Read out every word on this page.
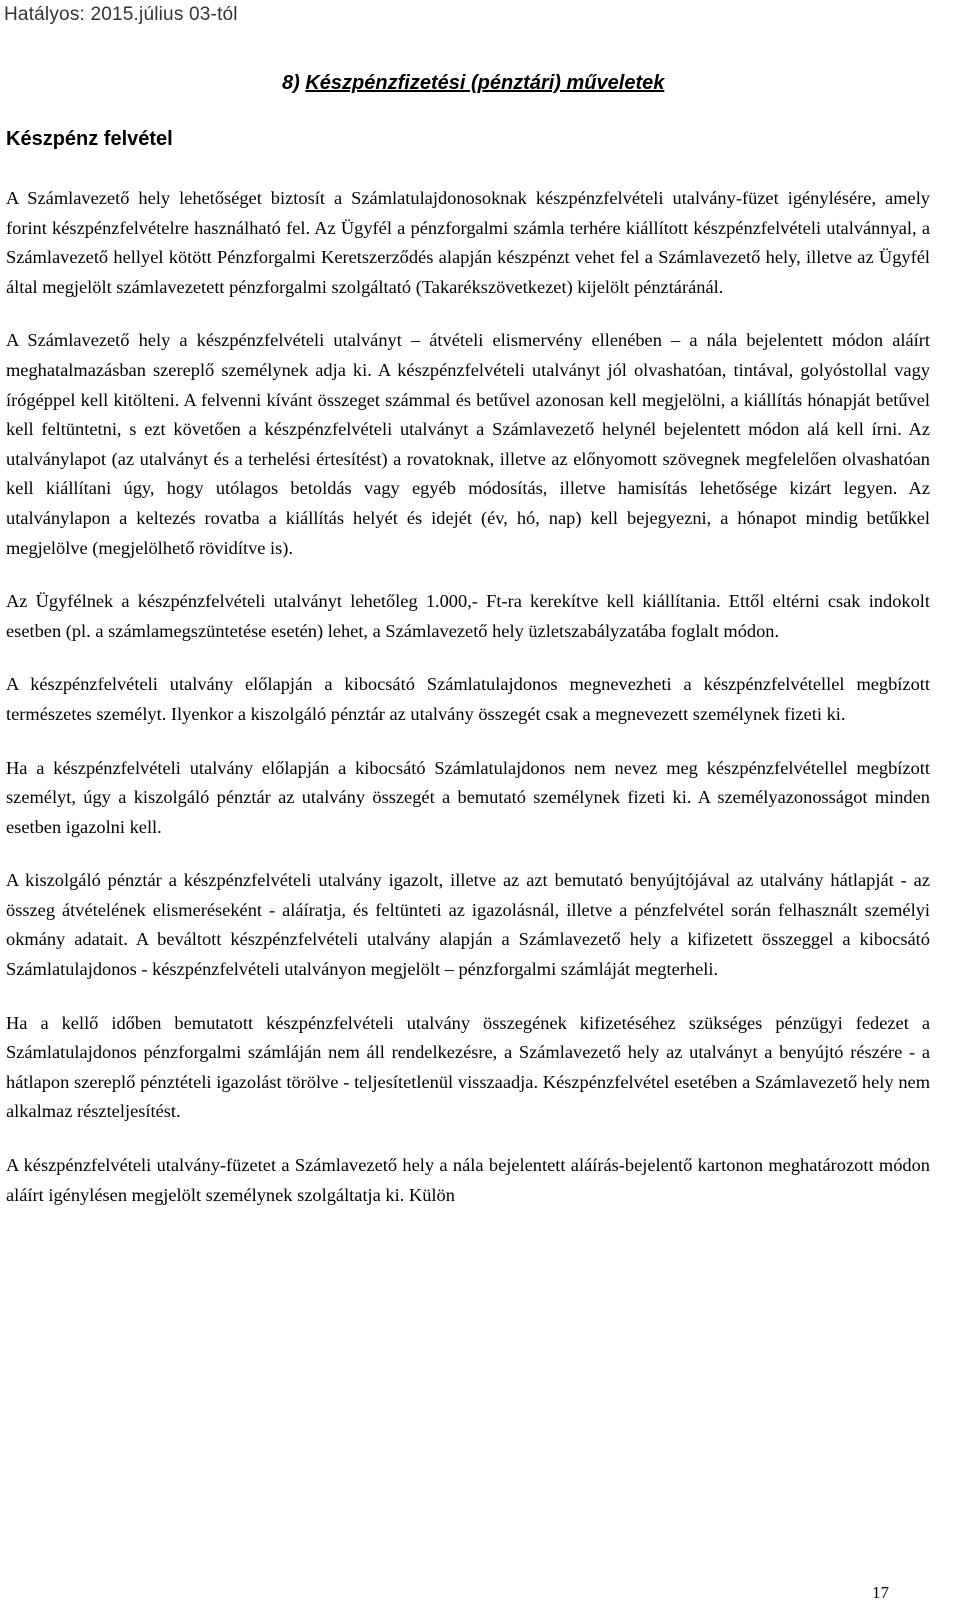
Hatályos: 2015.július 03-tól
8) Készpénzfizetési (pénztári) műveletek
Készpénz felvétel

A Számlavezető hely lehetőséget biztosít a Számlatulajdonosoknak készpénzfelvételi utalvány-füzet igénylésére, amely forint készpénzfelvételre használható fel. Az Ügyfél a pénzforgalmi számla terhére kiállított készpénzfelvételi utalvánnyal, a Számlavezető hellyel kötött Pénzforgalmi Keretszerződés alapján készpénzt vehet fel a Számlavezető hely, illetve az Ügyfél által megjelölt számlavezetett pénzforgalmi szolgáltató (Takarékszövetkezet) kijelölt pénztáránál.

A Számlavezető hely a készpénzfelvételi utalványt – átvételi elismervény ellenében – a nála bejelentett módon aláírt meghatalmazásban szereplő személynek adja ki. A készpénzfelvételi utalványt jól olvashatóan, tintával, golyóstollal vagy írógéppel kell kitölteni. A felvenni kívánt összeget számmal és betűvel azonosan kell megjelölni, a kiállítás hónapját betűvel kell feltüntetni, s ezt követően a készpénzfelvételi utalványt a Számlavezető helynél bejelentett módon alá kell írni. Az utalványlapot (az utalványt és a terhelési értesítést) a rovatoknak, illetve az előnyomott szövegnek megfelelően olvashatóan kell kiállítani úgy, hogy utólagos betoldás vagy egyéb módosítás, illetve hamisítás lehetősége kizárt legyen. Az utalványlapon a keltezés rovatba a kiállítás helyét és idejét (év, hó, nap) kell bejegyezni, a hónapot mindig betűkkel megjelölve (megjelölhető rövidítve is).

Az Ügyfélnek a készpénzfelvételi utalványt lehetőleg 1.000,- Ft-ra kerekítve kell kiállítania. Ettől eltérni csak indokolt esetben (pl. a számlamegszüntetése esetén) lehet, a Számlavezető hely üzletszabályzatába foglalt módon.

A készpénzfelvételi utalvány előlapján a kibocsátó Számlatulajdonos megnevezheti a készpénzfelvétellel megbízott természetes személyt. Ilyenkor a kiszolgáló pénztár az utalvány összegét csak a megnevezett személynek fizeti ki.

Ha a készpénzfelvételi utalvány előlapján a kibocsátó Számlatulajdonos nem nevez meg készpénzfelvétellel megbízott személyt, úgy a kiszolgáló pénztár az utalvány összegét a bemutató személynek fizeti ki. A személyazonosságot minden esetben igazolni kell.

A kiszolgáló pénztár a készpénzfelvételi utalvány igazolt, illetve az azt bemutató benyújtójával az utalvány hátlapját - az összeg átvételének elismeréseként - aláíratja, és feltünteti az igazolásnál, illetve a pénzfelvétel során felhasznált személyi okmány adatait. A beváltott készpénzfelvételi utalvány alapján a Számlavezető hely a kifizetett összeggel a kibocsátó Számlatulajdonos - készpénzfelvételi utalványon megjelölt – pénzforgalmi számláját megterheli.

Ha a kellő időben bemutatott készpénzfelvételi utalvány összegének kifizetéséhez szükséges pénzügyi fedezet a Számlatulajdonos pénzforgalmi számláján nem áll rendelkezésre, a Számlavezető hely az utalványt a benyújtó részére - a hátlapon szereplő pénztételi igazolást törölve - teljesítetlenül visszaadja. Készpénzfelvétel esetében a Számlavezető hely nem alkalmaz részteljesítést.

A készpénzfelvételi utalvány-füzetet a Számlavezető hely a nála bejelentett aláírás-bejelentő kartonon meghatározott módon aláírt igénylésen megjelölt személynek szolgáltatja ki. Külön

17
